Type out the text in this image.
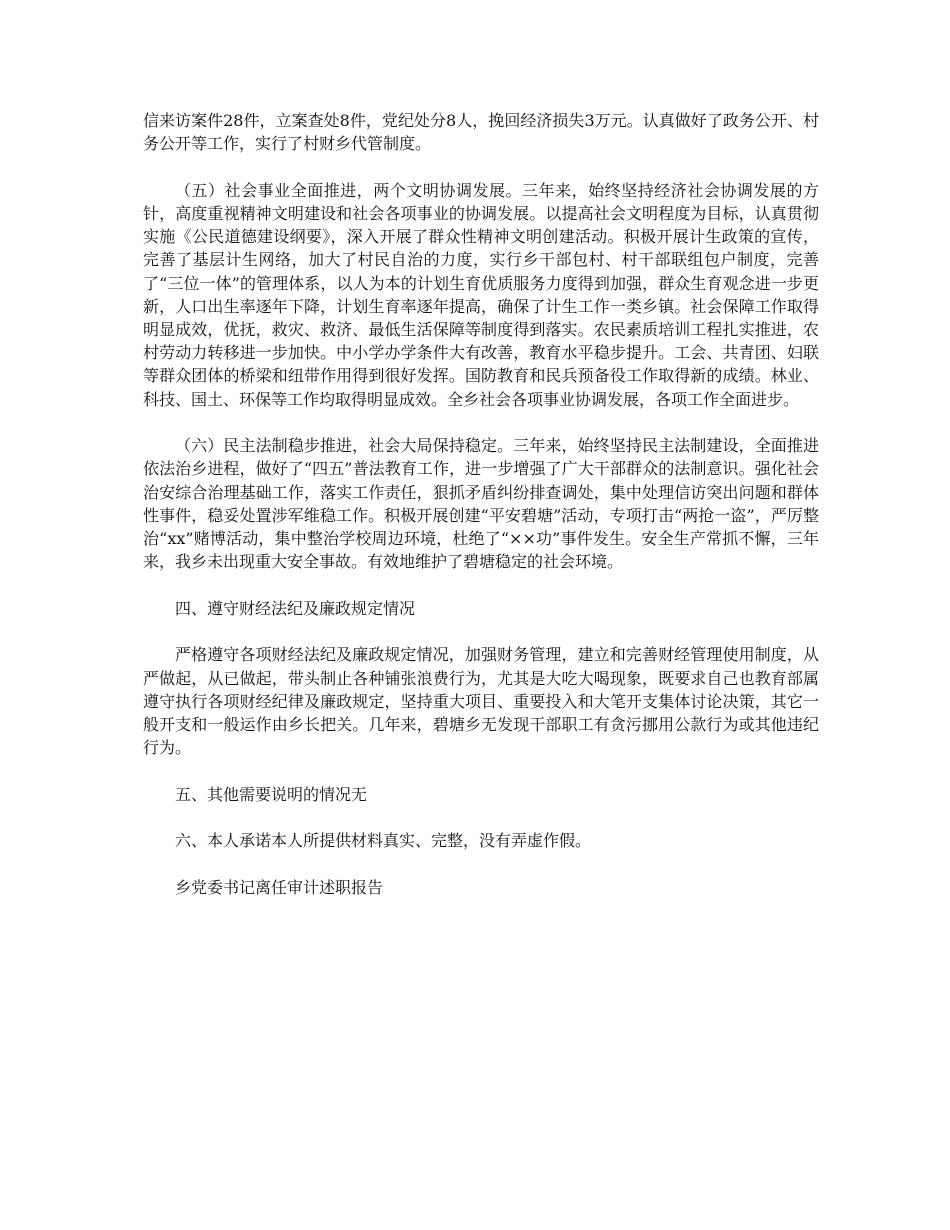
信来访案件28件，立案查处8件，党纪处分8人，挽回经济损失3万元。认真做好了政务公开、村务公开等工作，实行了村财乡代管制度。

（五）社会事业全面推进，两个文明协调发展。三年来，始终坚持经济社会协调发展的方针，高度重视精神文明建设和社会各项事业的协调发展。以提高社会文明程度为目标，认真贯彻实施《公民道德建设纲要》，深入开展了群众性精神文明创建活动。积极开展计生政策的宣传，完善了基层计生网络，加大了村民自治的力度，实行乡干部包村、村干部联组包户制度，完善了“三位一体”的管理体系，以人为本的计划生育优质服务力度得到加强，群众生育观念进一步更新，人口出生率逐年下降，计划生育率逐年提高，确保了计生工作一类乡镇。社会保障工作取得明显成效，优抚，救灾、救济、最低生活保障等制度得到落实。农民素质培训工程扎实推进，农村劳动力转移进一步加快。中小学办学条件大有改善，教育水平稳步提升。工会、共青团、妇联等群众团体的桥梁和纽带作用得到很好发挥。国防教育和民兵预备役工作取得新的成绩。林业、科技、国土、环保等工作均取得明显成效。全乡社会各项事业协调发展，各项工作全面进步。

（六）民主法制稳步推进，社会大局保持稳定。三年来，始终坚持民主法制建设，全面推进依法治乡进程，做好了“四五”普法教育工作，进一步增强了广大干部群众的法制意识。强化社会治安综合治理基础工作，落实工作责任，狠抓矛盾纠纷排查调处，集中处理信访突出问题和群体性事件，稳妥处置涉军维稳工作。积极开展创建“平安碧塘”活动，专项打击“两抢一盗”，严厉整治“xx”赌博活动，集中整治学校周边环境，杜绝了“××功”事件发生。安全生产常抓不懈，三年来，我乡未出现重大安全事故。有效地维护了碧塘稳定的社会环境。

四、遵守财经法纪及廉政规定情况

严格遵守各项财经法纪及廉政规定情况，加强财务管理，建立和完善财经管理使用制度，从严做起，从已做起，带头制止各种铺张浪费行为，尤其是大吃大喝现象，既要求自己也教育部属遵守执行各项财经纪律及廉政规定，坚持重大项目、重要投入和大笔开支集体讨论决策，其它一般开支和一般运作由乡长把关。几年来，碧塘乡无发现干部职工有贪污挪用公款行为或其他违纪行为。

五、其他需要说明的情况无

六、本人承诺本人所提供材料真实、完整，没有弄虚作假。

乡党委书记离任审计述职报告
